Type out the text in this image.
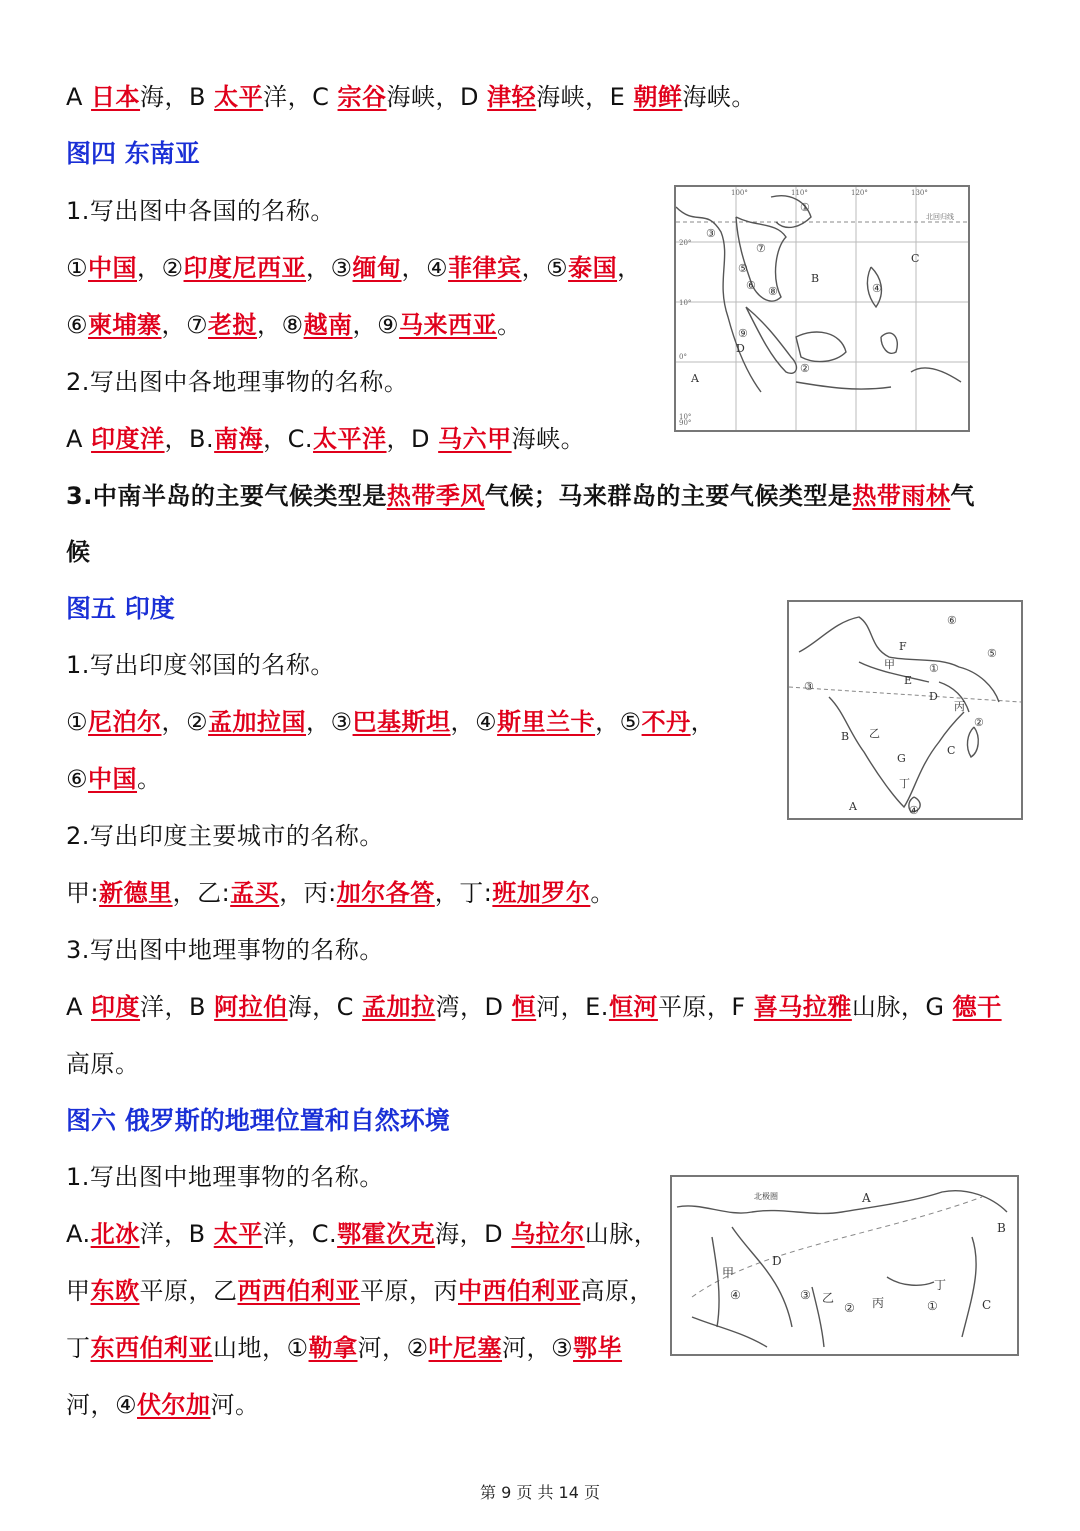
A 日本海，B 太平洋，C 宗谷海峡，D 津轻海峡，E 朝鲜海峡。
图四 东南亚
1.写出图中各国的名称。
①中国，②印度尼西亚，③缅甸，④菲律宾，⑤泰国，
⑥柬埔寨，⑦老挝，⑧越南，⑨马来西亚。
2.写出图中各地理事物的名称。
A 印度洋，B.南海，C.太平洋，D 马六甲海峡。
3.中南半岛的主要气候类型是热带季风气候；马来群岛的主要气候类型是热带雨林气
候
图五 印度
1.写出印度邻国的名称。
①尼泊尔，②孟加拉国，③巴基斯坦，④斯里兰卡，⑤不丹，
⑥中国。
2.写出印度主要城市的名称。
甲:新德里，乙:孟买，丙:加尔各答，丁:班加罗尔。
3.写出图中地理事物的名称。
A 印度洋，B 阿拉伯海，C 孟加拉湾，D 恒河，E.恒河平原，F 喜马拉雅山脉，G 德干
高原。
图六 俄罗斯的地理位置和自然环境
1.写出图中地理事物的名称。
A.北冰洋，B 太平洋，C.鄂霍次克海，D 乌拉尔山脉，
甲东欧平原，乙西西伯利亚平原，丙中西伯利亚高原，
丁东西伯利亚山地，①勒拿河，②叶尼塞河，③鄂毕
河，④伏尔加河。
①
②
③
④
⑤
⑥
⑦
⑧
⑨
A
B
C
D
100°	110°	120°	130°
90°
20°
10°
0°
10°
北回归线
①
②
③
④
⑤
⑥
甲
乙
丙
丁
A
B
C
D
E
F
G
A
B
C
D
甲
乙	丙
丁
①
②
③
④
北极圈
第 9 页 共 14 页
